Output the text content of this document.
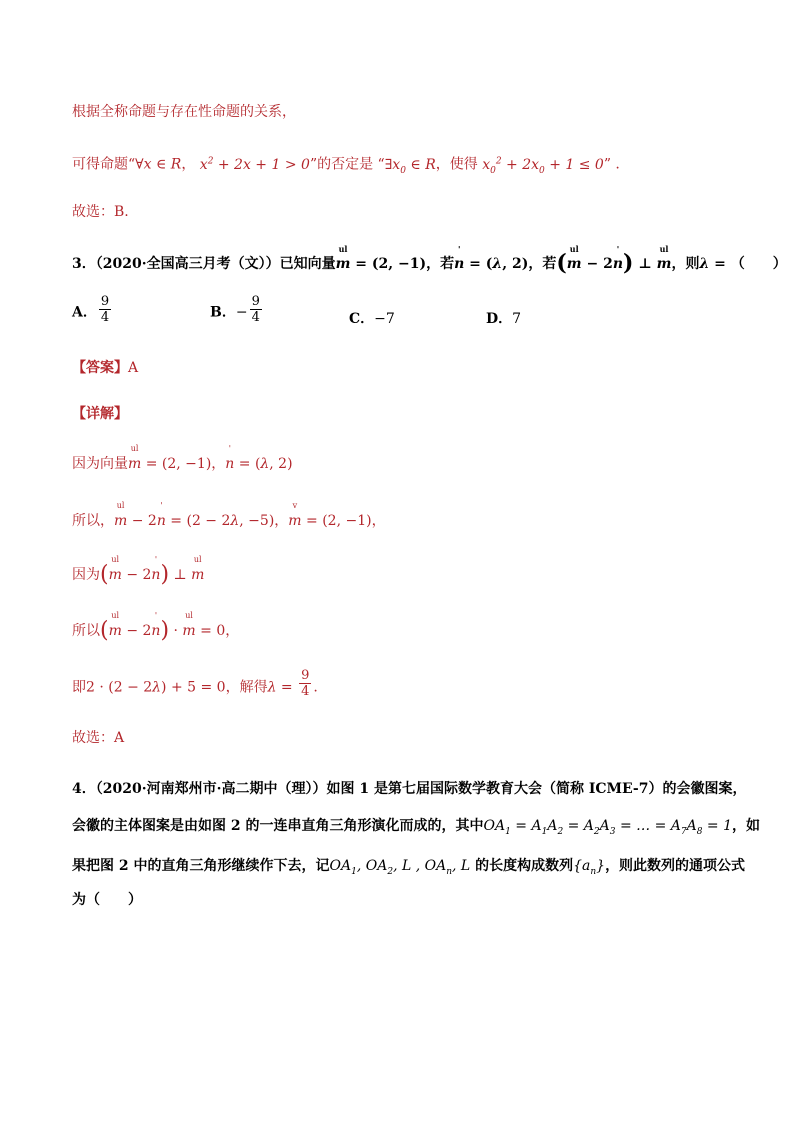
根据全称命题与存在性命题的关系，
可得命题“∀x ∈ R， $x^2 + 2x + 1 > 0$”的否定是 “$\exists x_0$ ∈ R，使得 $x_0^2 + 2x_0 + 1 \le 0$” .
故选：B.
3．（2020·全国高三月考（文））已知向量m
ul
= (2, −1)，若n
'
= (λ, 2)，若(m
ul
− 2n
'
) ⊥ m
ul
，则λ = （　　）
A． $\frac{9}{4}$	B．− $\frac{9}{4}$	C．−7	D．7
【答案】A
【详解】
因为向量m
ul
= (2, −1)，n
'
= (λ, 2)
所以，m
ul
− 2n
'
= (2 − 2λ, −5)，m
v
= (2, −1)，
因为(m
ul
− 2n
'
) ⊥ m
ul
所以(m
ul
− 2n
'
) · m
ul
= 0，
即2 · (2 − 2λ) + 5 = 0，解得$\lambda = \frac{9}{4}$ .
故选：A
4．（2020·河南郑州市·高二期中（理））如图 1 是第七届国际数学教育大会（简称 ICME-7）的会徽图案，
会徽的主体图案是由如图 2 的一连串直角三角形演化而成的，其中$OA_1 = A_1A_2 = A_2A_3$ = … = $A_7A_8 = 1$，如
果把图 2 中的直角三角形继续作下去，记$OA_1$, $OA_2$, L , $OA_n$, L 的长度构成数列$\{a_n\}$，则此数列的通项公式
为（　　）
